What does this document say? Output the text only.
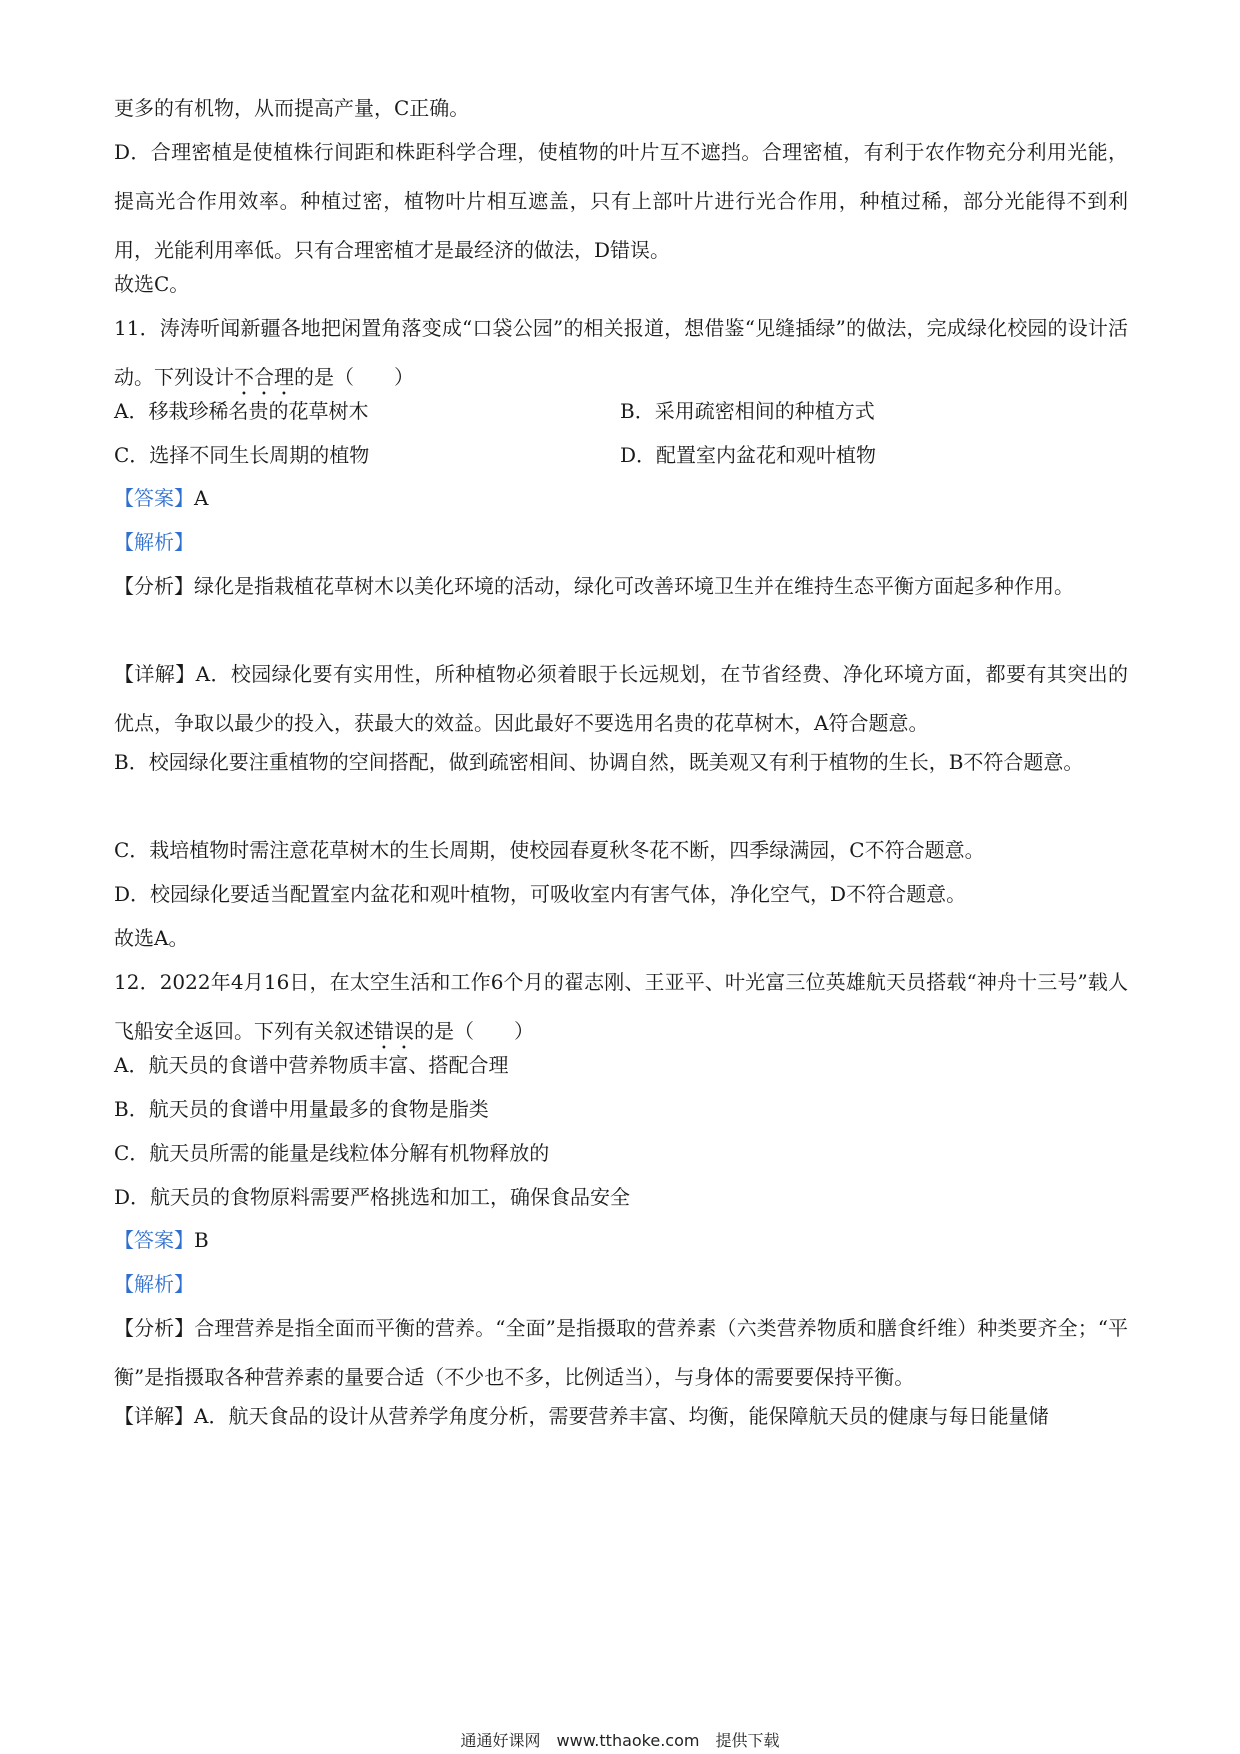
更多的有机物，从而提高产量，C正确。

D．合理密植是使植株行间距和株距科学合理，使植物的叶片互不遮挡。合理密植，有利于农作物充分利用光能，提高光合作用效率。种植过密，植物叶片相互遮盖，只有上部叶片进行光合作用，种植过稀，部分光能得不到利用，光能利用率低。只有合理密植才是最经济的做法，D错误。

故选C。

11．涛涛听闻新疆各地把闲置角落变成“口袋公园”的相关报道，想借鉴“见缝插绿”的做法，完成绿化校园的设计活动。下列设计不合理的是（　　）

A．移栽珍稀名贵的花草树木	B．采用疏密相间的种植方式

C．选择不同生长周期的植物	D．配置室内盆花和观叶植物

【答案】A

【解析】

【分析】绿化是指栽植花草树木以美化环境的活动，绿化可改善环境卫生并在维持生态平衡方面起多种作用。

【详解】A．校园绿化要有实用性，所种植物必须着眼于长远规划，在节省经费、净化环境方面，都要有其突出的优点，争取以最少的投入，获最大的效益。因此最好不要选用名贵的花草树木，A符合题意。

B．校园绿化要注重植物的空间搭配，做到疏密相间、协调自然，既美观又有利于植物的生长，B不符合题意。

C．栽培植物时需注意花草树木的生长周期，使校园春夏秋冬花不断，四季绿满园，C不符合题意。

D．校园绿化要适当配置室内盆花和观叶植物，可吸收室内有害气体，净化空气，D不符合题意。

故选A。

12．2022年4月16日，在太空生活和工作6个月的翟志刚、王亚平、叶光富三位英雄航天员搭载“神舟十三号”载人飞船安全返回。下列有关叙述错误的是（　　）

A．航天员的食谱中营养物质丰富、搭配合理

B．航天员的食谱中用量最多的食物是脂类

C．航天员所需的能量是线粒体分解有机物释放的

D．航天员的食物原料需要严格挑选和加工，确保食品安全

【答案】B

【解析】

【分析】合理营养是指全面而平衡的营养。“全面”是指摄取的营养素（六类营养物质和膳食纤维）种类要齐全；“平衡”是指摄取各种营养素的量要合适（不少也不多，比例适当），与身体的需要要保持平衡。

【详解】A．航天食品的设计从营养学角度分析，需要营养丰富、均衡，能保障航天员的健康与每日能量储

通通好课网　www.tthaoke.com　提供下载
